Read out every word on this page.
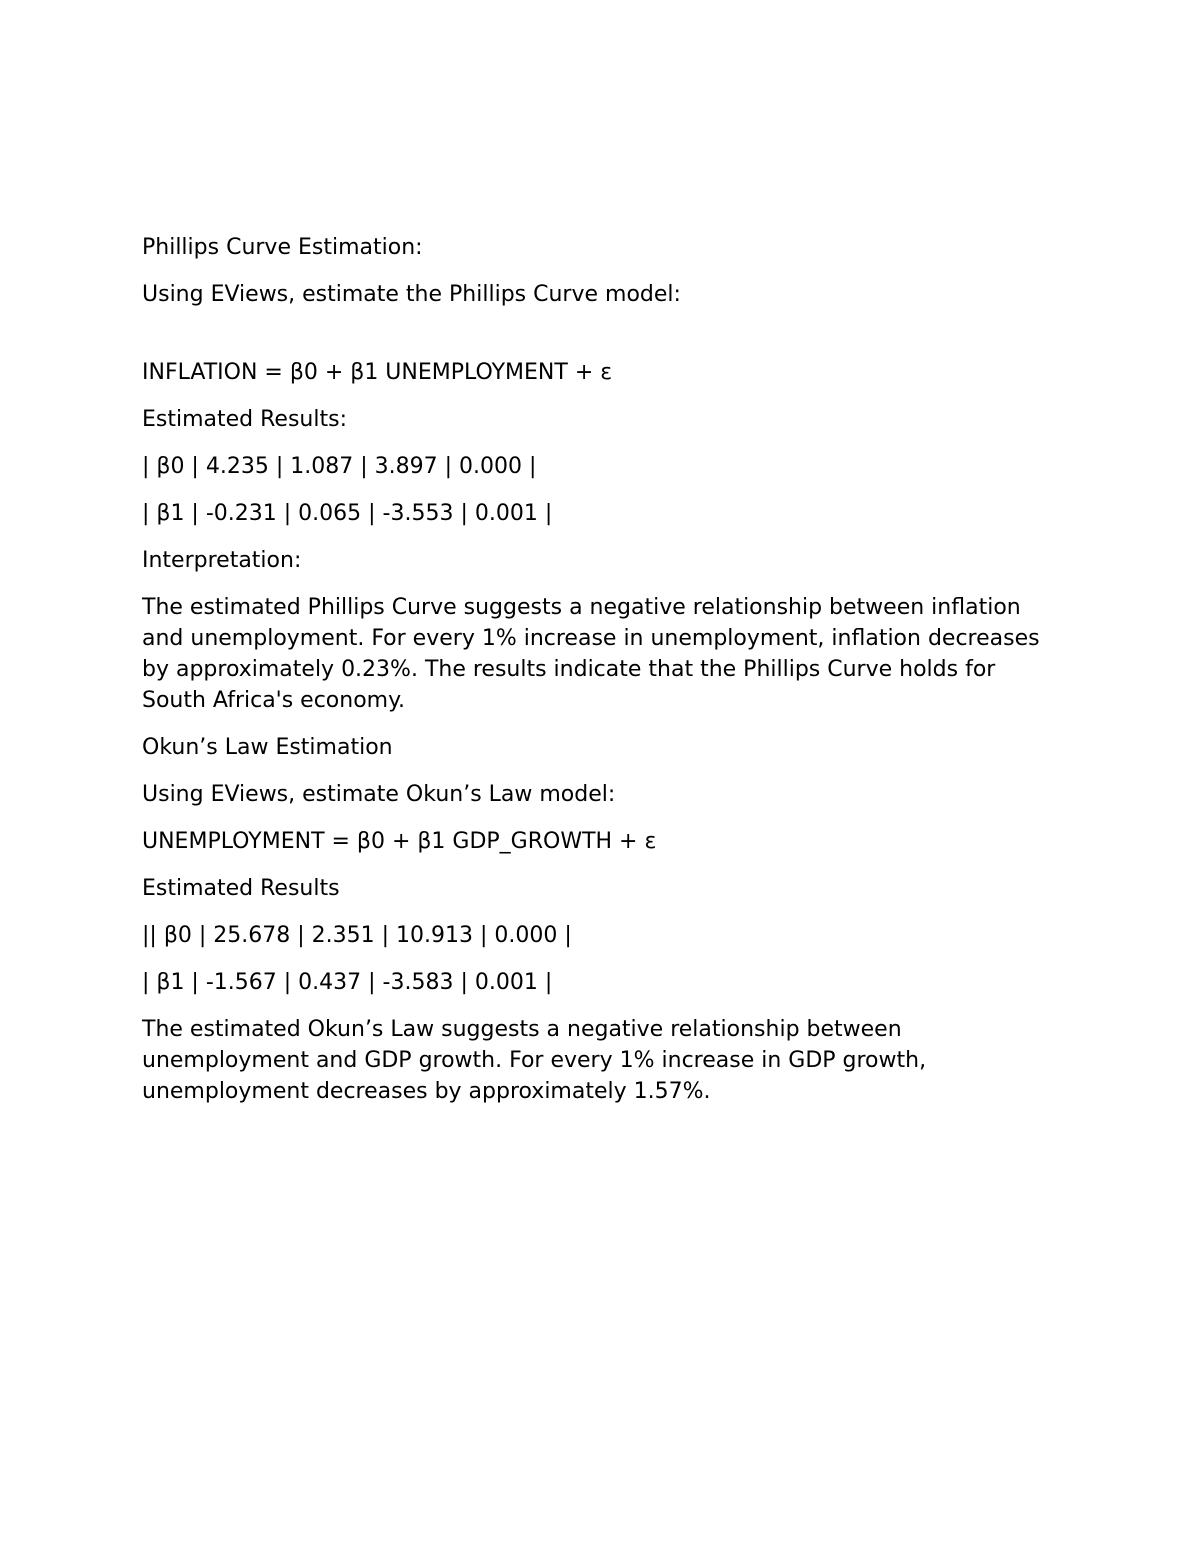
Phillips Curve Estimation:

Using EViews, estimate the Phillips Curve model:

INFLATION = β0 + β1 UNEMPLOYMENT + ε

Estimated Results:

| β0 | 4.235 | 1.087 | 3.897 | 0.000 |

| β1 | -0.231 | 0.065 | -3.553 | 0.001 |

Interpretation:

The estimated Phillips Curve suggests a negative relationship between inflation and unemployment. For every 1% increase in unemployment, inflation decreases by approximately 0.23%. The results indicate that the Phillips Curve holds for South Africa's economy.

Okun’s Law Estimation

Using EViews, estimate Okun’s Law model:

UNEMPLOYMENT = β0 + β1 GDP_GROWTH + ε

Estimated Results

|| β0 | 25.678 | 2.351 | 10.913 | 0.000 |

| β1 | -1.567 | 0.437 | -3.583 | 0.001 |

The estimated Okun’s Law suggests a negative relationship between unemployment and GDP growth. For every 1% increase in GDP growth, unemployment decreases by approximately 1.57%.
